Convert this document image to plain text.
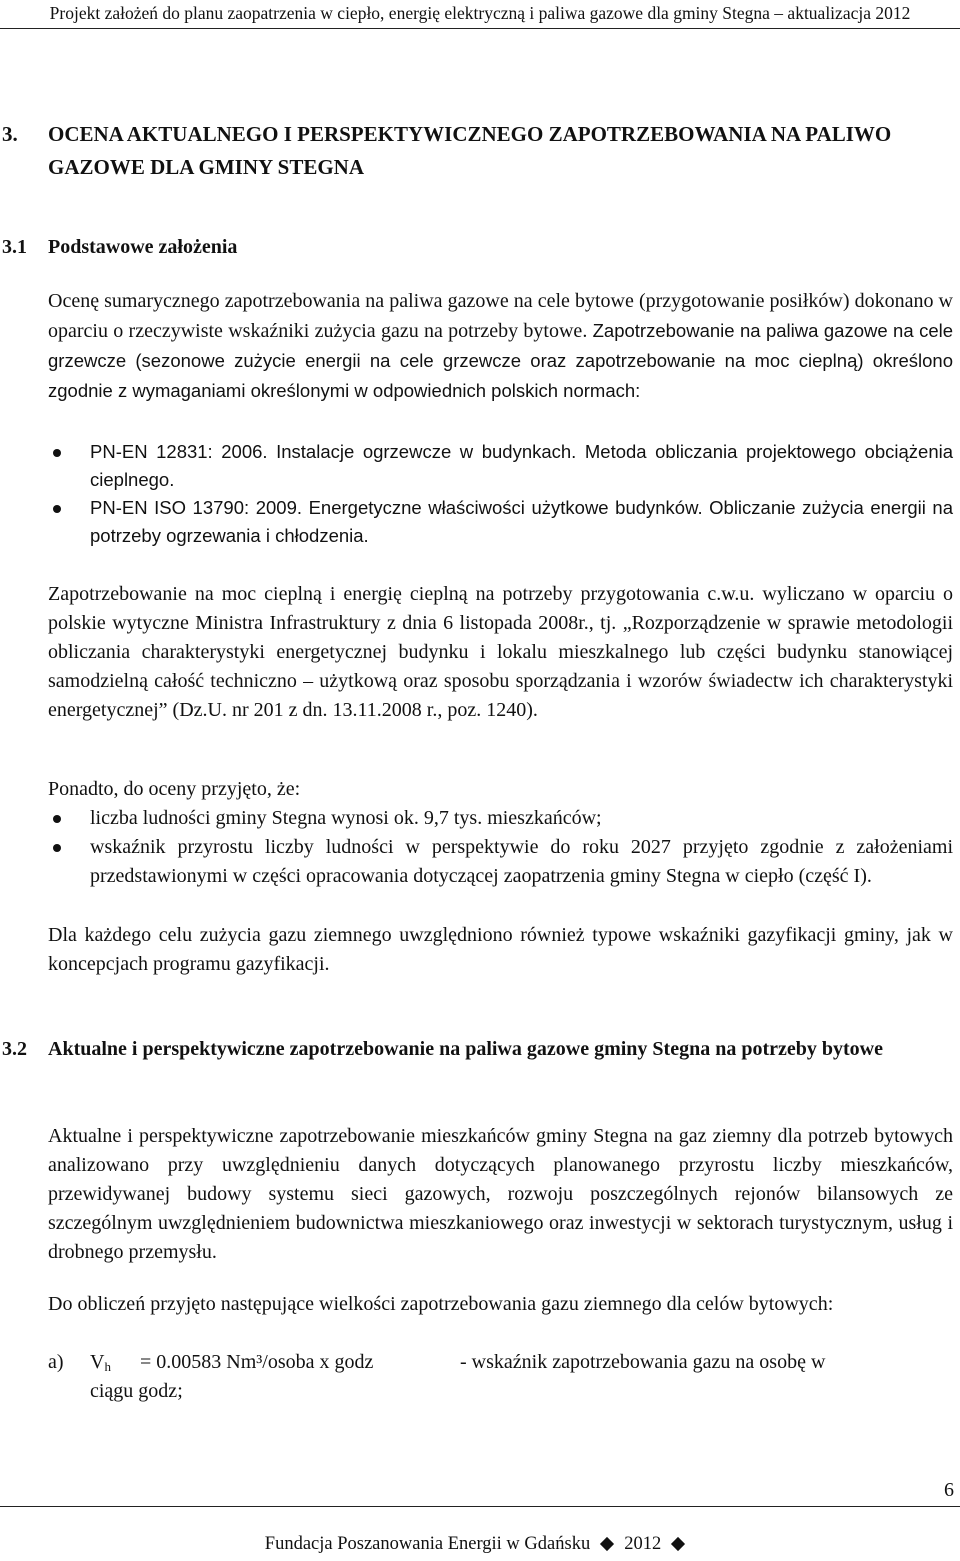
Projekt założeń do planu zaopatrzenia w ciepło, energię elektryczną i paliwa gazowe dla gminy Stegna – aktualizacja 2012
3. OCENA AKTUALNEGO I PERSPEKTYWICZNEGO ZAPOTRZEBOWANIA NA PALIWO GAZOWE DLA GMINY STEGNA
3.1 Podstawowe założenia
Ocenę sumarycznego zapotrzebowania na paliwa gazowe na cele bytowe (przygotowanie posiłków) dokonano w oparciu o rzeczywiste wskaźniki zużycia gazu na potrzeby bytowe. Zapotrzebowanie na paliwa gazowe na cele grzewcze (sezonowe zużycie energii na cele grzewcze oraz zapotrzebowanie na moc cieplną) określono zgodnie z wymaganiami określonymi w odpowiednich polskich normach:
PN-EN 12831: 2006. Instalacje ogrzewcze w budynkach. Metoda obliczania projektowego obciążenia cieplnego.
PN-EN ISO 13790: 2009. Energetyczne właściwości użytkowe budynków. Obliczanie zużycia energii na potrzeby ogrzewania i chłodzenia.
Zapotrzebowanie na moc cieplną i energię cieplną na potrzeby przygotowania c.w.u. wyliczano w oparciu o polskie wytyczne Ministra Infrastruktury z dnia 6 listopada 2008r., tj. „Rozporządzenie w sprawie metodologii obliczania charakterystyki energetycznej budynku i lokalu mieszkalnego lub części budynku stanowiącej samodzielną całość techniczno – użytkową oraz sposobu sporządzania i wzorów świadectw ich charakterystyki energetycznej” (Dz.U. nr 201 z dn. 13.11.2008 r., poz. 1240).
Ponadto, do oceny przyjęto, że:
liczba ludności gminy Stegna wynosi ok. 9,7 tys. mieszkańców;
wskaźnik przyrostu liczby ludności w perspektywie do roku 2027 przyjęto zgodnie z założeniami przedstawionymi w części opracowania dotyczącej zaopatrzenia gminy Stegna w ciepło (część I).
Dla każdego celu zużycia gazu ziemnego uwzględniono również typowe wskaźniki gazyfikacji gminy, jak w koncepcjach programu gazyfikacji.
3.2 Aktualne i perspektywiczne zapotrzebowanie na paliwa gazowe gminy Stegna na potrzeby bytowe
Aktualne i perspektywiczne zapotrzebowanie mieszkańców gminy Stegna na gaz ziemny dla potrzeb bytowych analizowano przy uwzględnieniu danych dotyczących planowanego przyrostu liczby mieszkańców, przewidywanej budowy systemu sieci gazowych, rozwoju poszczególnych rejonów bilansowych ze szczególnym uwzględnieniem budownictwa mieszkaniowego oraz inwestycji w sektorach turystycznym, usług i drobnego przemysłu.
Do obliczeń przyjęto następujące wielkości zapotrzebowania gazu ziemnego dla celów bytowych:
a) $V_h = 0.00583$ Nm³/osoba x godz	- wskaźnik zapotrzebowania gazu na osobę w
ciągu godz;
6
Fundacja Poszanowania Energii w Gdańsku 2012
